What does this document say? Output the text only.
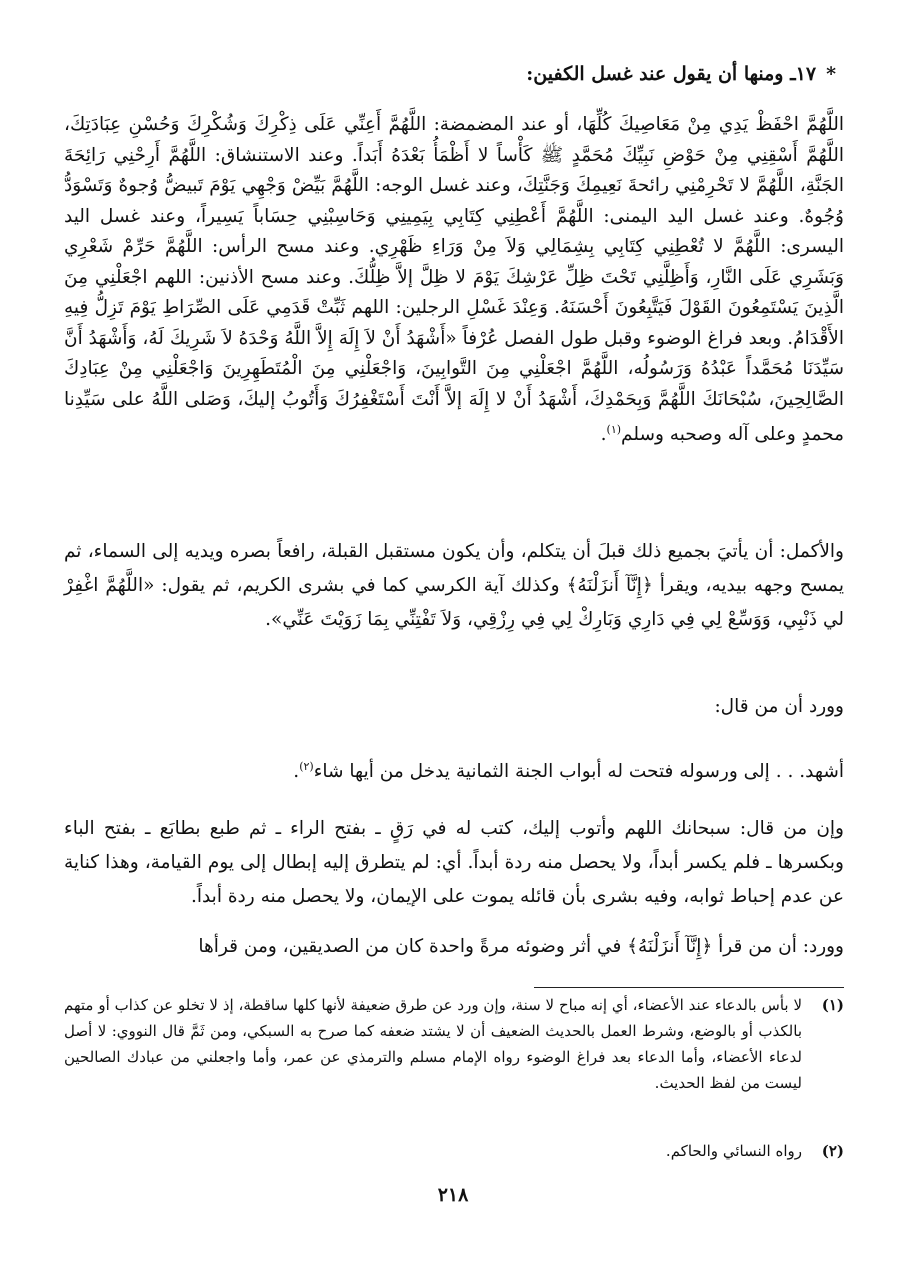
*١٧ـ ومنها أن يقول عند غسل الكفين:
اللَّهُمَّ احْفَظْ يَدِي مِنْ مَعَاصِيكَ كُلِّهَا، أو عند المضمضة: اللَّهُمَّ أَعِنِّي عَلَى ذِكْرِكَ وَشُكْرِكَ وَحُسْنِ عِبَادَتِكَ، اللَّهُمَّ أَسْقِنِي مِنْ حَوْضِ نَبِيِّكَ مُحَمَّدٍ ﷺ كَأْساً لا أَظْمَأُ بَعْدَهُ أَبَداً. وعند الاستنشاق: اللَّهُمَّ أَرِحْنِي رَائِحَةَ الجَنَّةِ، اللَّهُمَّ لا تَحْرِمْنِي رائحةَ نَعِيمِكَ وَجَنَّتِكَ، وعند غسل الوجه: اللَّهُمَّ بَيِّضْ وَجْهِي يَوْمَ تَبيضُّ وُجوهٌ وَتَسْوَدُّ وُجُوهٌ. وعند غسل اليد اليمنى: اللَّهُمَّ أَعْطِنِي كِتَابِي بِيَمِينِي وَحَاسِبْنِي حِسَاباً يَسِيراً، وعند غسل اليد اليسرى: اللَّهُمَّ لا تُعْطِنِي كِتَابِي بِشِمَالِي وَلاَ مِنْ وَرَاءِ ظَهْرِي. وعند مسح الرأس: اللَّهُمَّ حَرِّمْ شَعْرِي وَبَشَرِي عَلَى النَّارِ، وَأَظِلَّنِي تَحْتَ ظِلِّ عَرْشِكَ يَوْمَ لا ظِلَّ إلاَّ ظِلُّكَ. وعند مسح الأذنين: اللهم اجْعَلْنِي مِنَ الَّذِينَ يَسْتَمِعُونَ القَوْلَ فَيَتَّبِعُونَ أَحْسَنَهُ. وَعِنْدَ غَسْلِ الرجلين: اللهم ثَبِّتْ قَدَمِي عَلَى الصِّرَاطِ يَوْمَ تَزِلُّ فِيهِ الأَقْدَامُ. وبعد فراغ الوضوء وقبل طول الفصل عُرْفاً «أَشْهَدُ أَنْ لاَ إِلَهَ إِلاَّ اللَّهُ وَحْدَهُ لاَ شَرِيكَ لَهُ، وَأَشْهَدُ أَنَّ سَيِّدَنَا مُحَمَّداً عَبْدُهُ وَرَسُولُه، اللَّهُمَّ اجْعَلْنِي مِنَ التَّوابِينَ، وَاجْعَلْنِي مِنَ الْمُتَطَهِرِينَ وَاجْعَلْنِي مِنْ عِبَادِكَ الصَّالِحِينَ، سُبْحَانَكَ اللَّهُمَّ وَبِحَمْدِكَ، أَشْهَدُ أَنْ لا إِلَهَ إلاَّ أَنْتَ أَسْتَغْفِرُكَ وَأَتُوبُ إليكَ، وَصَلى اللَّهُ على سَيِّدِنا محمدٍ وعلى آله وصحبه وسلم$^{(١)}$.
والأكمل: أن يأتيَ بجميع ذلك قبلَ أن يتكلم، وأن يكون مستقبل القبلة، رافعاً بصره ويديه إلى السماء، ثم يمسح وجهه بيديه، ويقرأ ﴿إِنَّآ أَنزَلْنَهُ﴾ وكذلك آية الكرسي كما في بشرى الكريم، ثم يقول: «اللَّهُمَّ اغْفِرْ لي ذَنْبِي، وَوَسِّعْ لِي فِي دَارِي وَبَارِكْ لِي فِي رِزْقِي، وَلاَ تَفْتِنِّي بِمَا زَوَيْتَ عَنِّي».
وورد أن من قال:
أشهد. . . إلى ورسوله فتحت له أبواب الجنة الثمانية يدخل من أيها شاء$^{(٢)}$.
وإن من قال: سبحانك اللهم وأتوب إليك، كتب له في رَقٍ ـ بفتح الراء ـ ثم طبع بطابَع ـ بفتح الباء وبكسرها ـ فلم يكسر أبداً، ولا يحصل منه ردة أبداً. أي: لم يتطرق إليه إبطال إلى يوم القيامة، وهذا كناية عن عدم إحباط ثوابه، وفيه بشرى بأن قائله يموت على الإيمان، ولا يحصل منه ردة أبداً.
وورد: أن من قرأ ﴿إِنَّآ أَنزَلْنَهُ﴾ في أثر وضوئه مرةً واحدة كان من الصديقين، ومن قرأها
(١)
لا بأس بالدعاء عند الأعضاء، أي إنه مباح لا سنة، وإن ورد عن طرق ضعيفة لأنها كلها ساقطة، إذ لا تخلو عن كذاب أو متهم بالكذب أو بالوضع، وشرط العمل بالحديث الضعيف أن لا يشتد ضعفه كما صرح به السبكي، ومن ثَمَّ قال النووي: لا أصل لدعاء الأعضاء، وأما الدعاء بعد فراغ الوضوء رواه الإمام مسلم والترمذي عن عمر، وأما واجعلني من عبادك الصالحين ليست من لفظ الحديث.
(٢)
رواه النسائي والحاكم.
٢١٨
